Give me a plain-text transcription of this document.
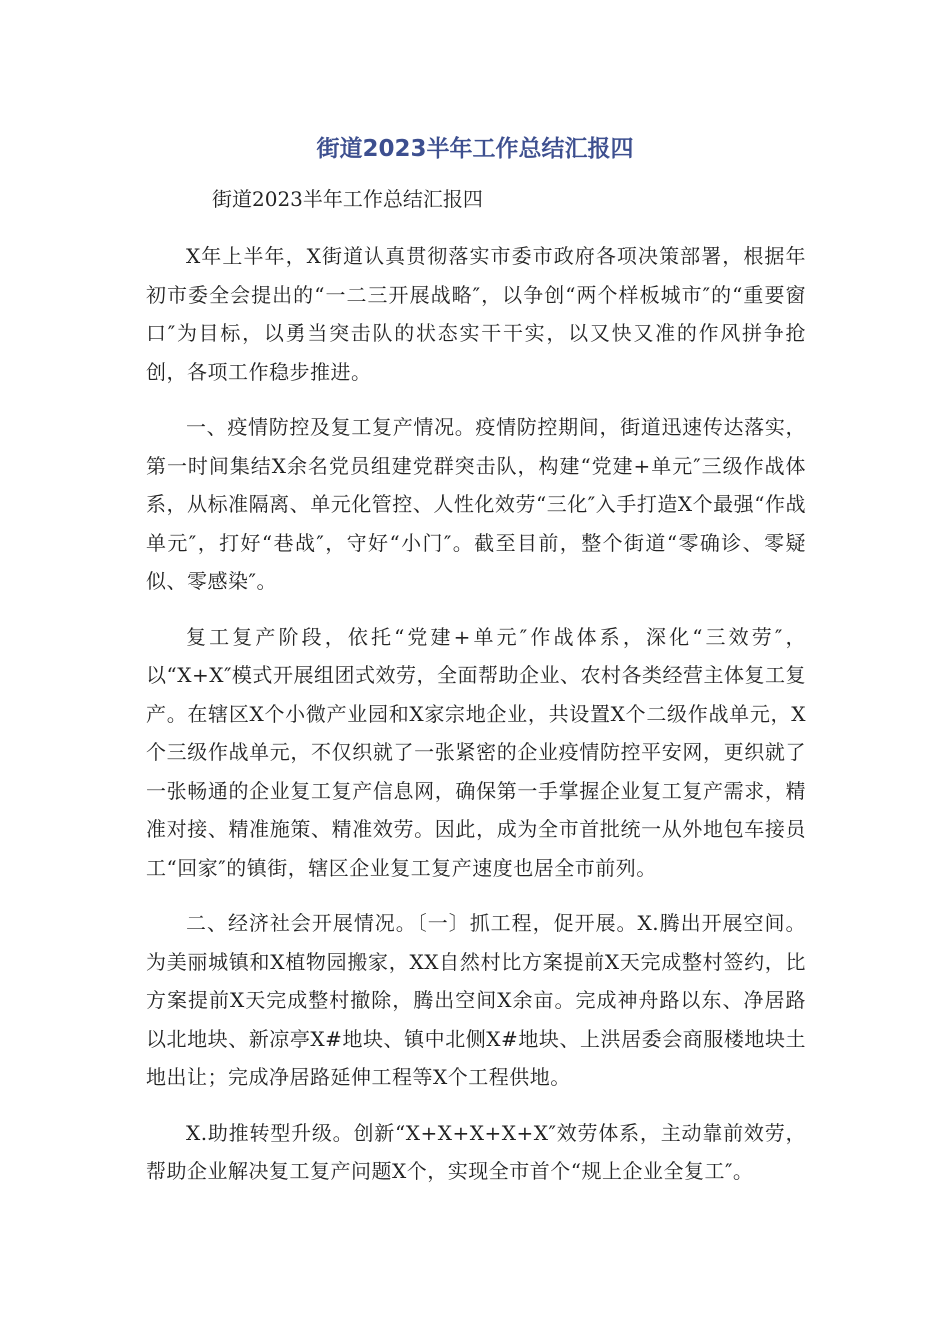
街道2023半年工作总结汇报四

街道2023半年工作总结汇报四

X年上半年，X街道认真贯彻落实市委市政府各项决策部署，根据年初市委全会提出的“一二三开展战略″，以争创“两个样板城市″的“重要窗口″为目标，以勇当突击队的状态实干干实，以又快又准的作风拼争抢创，各项工作稳步推进。

一、疫情防控及复工复产情况。疫情防控期间，街道迅速传达落实，第一时间集结X余名党员组建党群突击队，构建“党建+单元″三级作战体系，从标准隔离、单元化管控、人性化效劳“三化″入手打造X个最强“作战单元″，打好“巷战″，守好“小门″。截至目前，整个街道“零确诊、零疑似、零感染″。

复工复产阶段，依托“党建+单元″作战体系，深化“三效劳″，以“X+X″模式开展组团式效劳，全面帮助企业、农村各类经营主体复工复产。在辖区X个小微产业园和X家宗地企业，共设置X个二级作战单元，X个三级作战单元，不仅织就了一张紧密的企业疫情防控平安网，更织就了一张畅通的企业复工复产信息网，确保第一手掌握企业复工复产需求，精准对接、精准施策、精准效劳。因此，成为全市首批统一从外地包车接员工“回家″的镇街，辖区企业复工复产速度也居全市前列。

二、经济社会开展情况。〔一〕抓工程，促开展。X.腾出开展空间。为美丽城镇和X植物园搬家，XX自然村比方案提前X天完成整村签约，比方案提前X天完成整村撤除，腾出空间X余亩。完成神舟路以东、净居路以北地块、新凉亭X#地块、镇中北侧X#地块、上洪居委会商服楼地块土地出让；完成净居路延伸工程等X个工程供地。

X.助推转型升级。创新“X+X+X+X+X″效劳体系，主动靠前效劳，帮助企业解决复工复产问题X个，实现全市首个“规上企业全复工″。
